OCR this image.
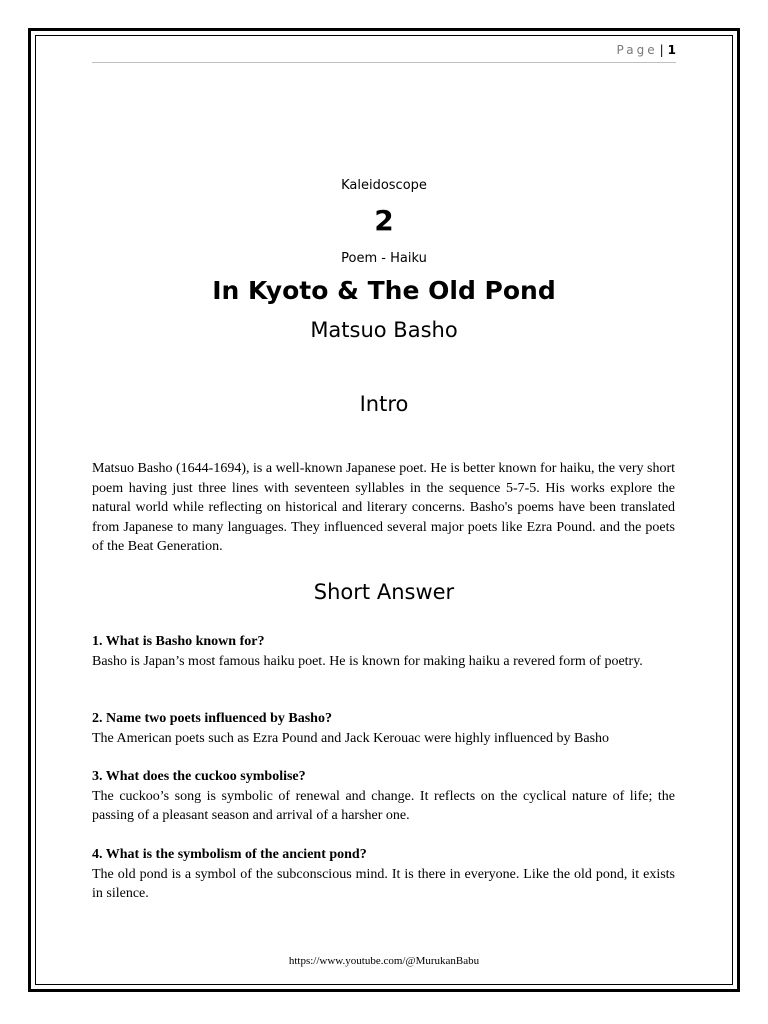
Page | 1
Kaleidoscope
2
Poem - Haiku
In Kyoto & The Old Pond
Matsuo Basho
Intro
Matsuo Basho (1644-1694), is a well-known Japanese poet. He is better known for haiku, the very short poem having just three lines with seventeen syllables in the sequence 5-7-5. His works explore the natural world while reflecting on historical and literary concerns. Basho's poems have been translated from Japanese to many languages. They influenced several major poets like Ezra Pound. and the poets of the Beat Generation.
Short Answer
1. What is Basho known for?
Basho is Japan’s most famous haiku poet. He is known for making haiku a revered form of poetry.
2. Name two poets influenced by Basho?
The American poets such as Ezra Pound and Jack Kerouac were highly influenced by Basho
3. What does the cuckoo symbolise?
The cuckoo’s song is symbolic of renewal and change. It reflects on the cyclical nature of life; the passing of a pleasant season and arrival of a harsher one.
4. What is the symbolism of the ancient pond?
The old pond is a symbol of the subconscious mind. It is there in everyone. Like the old pond, it exists in silence.
https://www.youtube.com/@MurukanBabu
